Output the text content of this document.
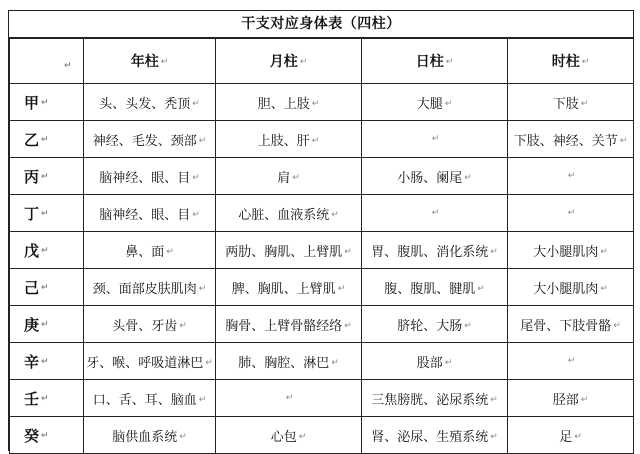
干支对应身体表（四柱）
↵	年柱 ↵	月柱 ↵	日柱 ↵	时柱 ↵
甲 ↵	头、头发、秃顶 ↵	胆、上肢 ↵	大腿 ↵	下肢 ↵
乙 ↵	神经、毛发、颈部 ↵	上肢、肝 ↵	↵	下肢、神经、关节 ↵
丙 ↵	脑神经、眼、目 ↵	肩 ↵	小肠、阑尾 ↵	↵
丁 ↵	脑神经、眼、目 ↵	心脏、血液系统 ↵	↵	↵
戊 ↵	鼻、面 ↵	两肋、胸肌、上臂肌 ↵	胃、腹肌、消化系统 ↵	大小腿肌肉 ↵
己 ↵	颈、面部皮肤肌肉 ↵	脾、胸肌、上臂肌 ↵	腹、腹肌、腱肌 ↵	大小腿肌肉 ↵
庚 ↵	头骨、牙齿 ↵	胸骨、上臂骨骼经络 ↵	脐轮、大肠 ↵	尾骨、下肢骨骼 ↵
辛 ↵	牙、喉、呼吸道淋巴 ↵	肺、胸腔、淋巴 ↵	股部 ↵	↵
壬 ↵	口、舌、耳、脑血 ↵	↵	三焦膀胱、泌尿系统 ↵	胫部 ↵
癸 ↵	脑供血系统 ↵	心包 ↵	肾、泌尿、生殖系统 ↵	足 ↵
